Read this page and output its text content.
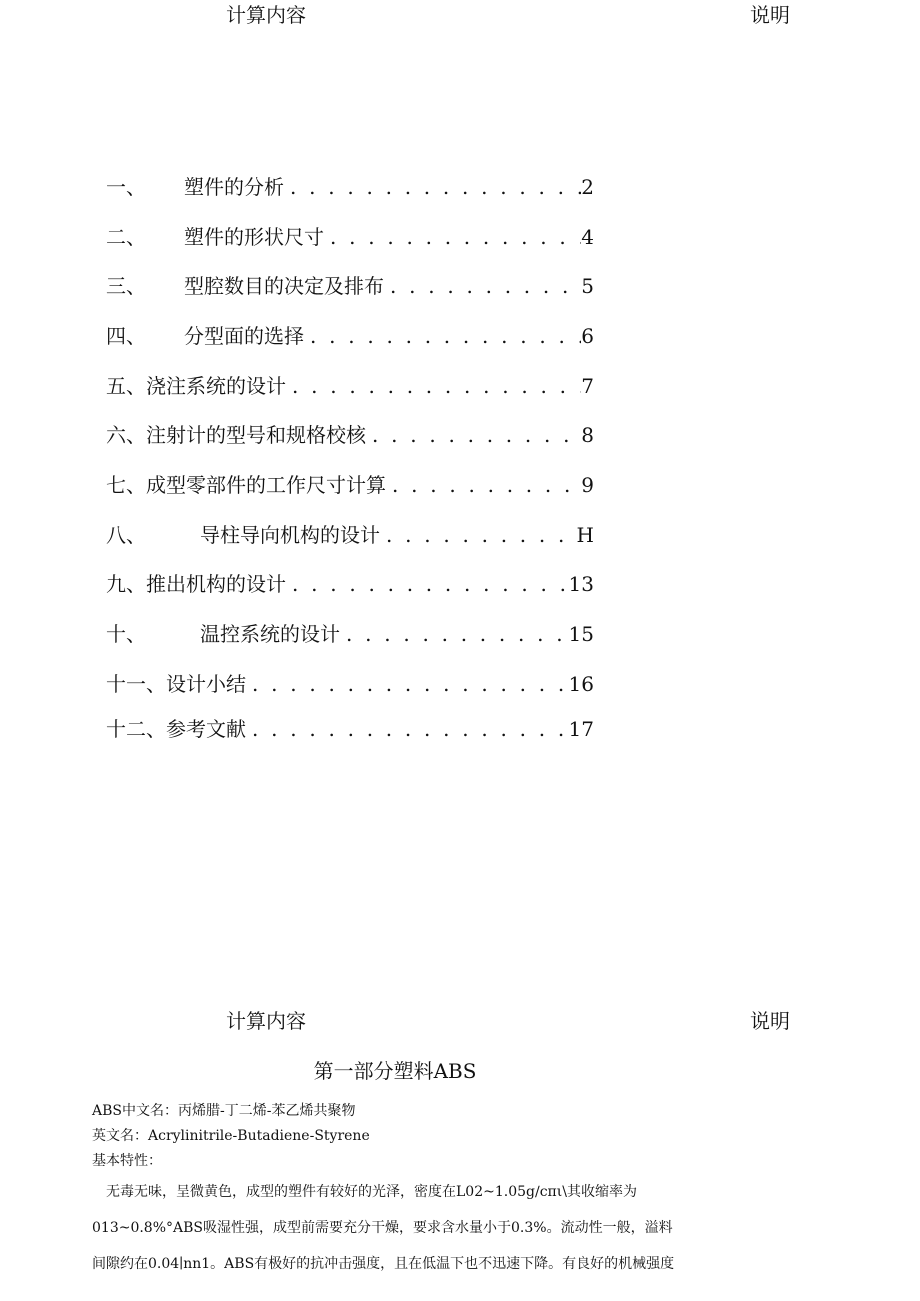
计算内容	说明
一、	塑件的分析 . . .	2
二、	塑件的形状尺寸 . . .	4
三、	型腔数目的决定及排布 . . .	5
四、	分型面的选择 . . .	6
五、 浇注系统的设计 . . .	7
六、 注射计的型号和规格校核 . . .	8
七、 成型零部件的工作尺寸计算 . . .	9
八、	导柱导向机构的设计 . . .	H
九、 推出机构的设计 . . .	13
十、	温控系统的设计 . . .	15
十一、 设计小结 . . .	16
十二、 参考文献 . . .	17
计算内容	说明
第一部分塑料ABS
ABS中文名：丙烯腊-丁二烯-苯乙烯共聚物
英文名：Acrylinitrile-Butadiene-Styrene
基本特性：
无毒无味，呈微黄色，成型的塑件有较好的光泽，密度在L02~1.05g∕cπι\其收缩率为
013~0.8%°ABS吸湿性强，成型前需要充分干燥，要求含水量小于0.3%。流动性一般，溢料
间隙约在0.04∣nn1。ABS有极好的抗冲击强度，且在低温下也不迅速下降。有良好的机械强度
